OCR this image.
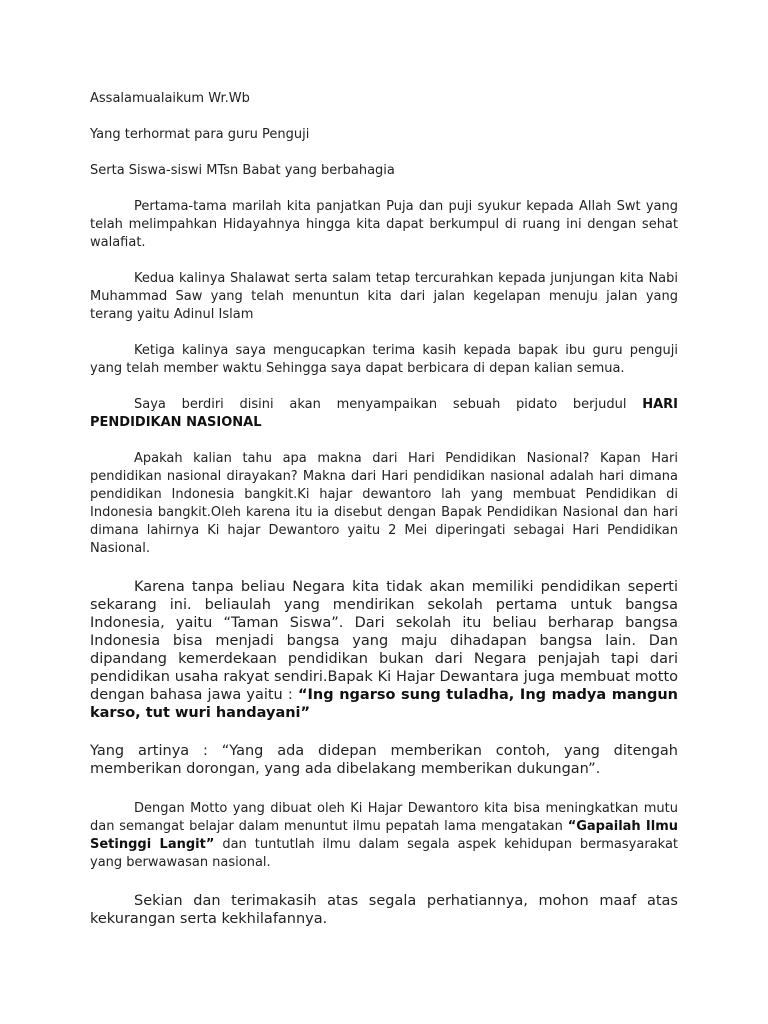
Assalamualaikum Wr.Wb

Yang terhormat para guru Penguji

Serta Siswa-siswi MTsn Babat yang berbahagia

Pertama-tama marilah kita panjatkan Puja dan puji syukur kepada Allah Swt yang telah melimpahkan Hidayahnya hingga kita dapat berkumpul di ruang ini dengan sehat walafiat.

Kedua kalinya Shalawat serta salam tetap tercurahkan kepada junjungan kita Nabi Muhammad Saw yang telah menuntun kita dari jalan kegelapan menuju jalan yang terang yaitu Adinul Islam

Ketiga kalinya saya mengucapkan terima kasih kepada bapak ibu guru penguji yang telah member waktu Sehingga saya dapat berbicara di depan kalian semua.

Saya berdiri disini akan menyampaikan sebuah pidato berjudul HARI PENDIDIKAN NASIONAL

Apakah kalian tahu apa makna dari Hari Pendidikan Nasional? Kapan Hari pendidikan nasional dirayakan? Makna dari Hari pendidikan nasional adalah hari dimana pendidikan Indonesia bangkit.Ki hajar dewantoro lah yang membuat Pendidikan di Indonesia bangkit.Oleh karena itu ia disebut dengan Bapak Pendidikan Nasional dan hari dimana lahirnya Ki hajar Dewantoro yaitu 2 Mei diperingati sebagai Hari Pendidikan Nasional.

Karena tanpa beliau Negara kita tidak akan memiliki pendidikan seperti sekarang ini. beliaulah yang mendirikan sekolah pertama untuk bangsa Indonesia, yaitu “Taman Siswa”. Dari sekolah itu beliau berharap bangsa Indonesia bisa menjadi bangsa yang maju dihadapan bangsa lain. Dan dipandang kemerdekaan pendidikan bukan dari Negara penjajah tapi dari pendidikan usaha rakyat sendiri.Bapak Ki Hajar Dewantara juga membuat motto dengan bahasa jawa yaitu : “Ing ngarso sung tuladha, Ing madya mangun karso, tut wuri handayani”

Yang artinya : “Yang ada didepan memberikan contoh, yang ditengah memberikan dorongan, yang ada dibelakang memberikan dukungan”.

Dengan Motto yang dibuat oleh Ki Hajar Dewantoro kita bisa meningkatkan mutu dan semangat belajar dalam menuntut ilmu pepatah lama mengatakan “Gapailah Ilmu Setinggi Langit” dan tuntutlah ilmu dalam segala aspek kehidupan bermasyarakat yang berwawasan nasional.

Sekian dan terimakasih atas segala perhatiannya, mohon maaf atas kekurangan serta kekhilafannya.
